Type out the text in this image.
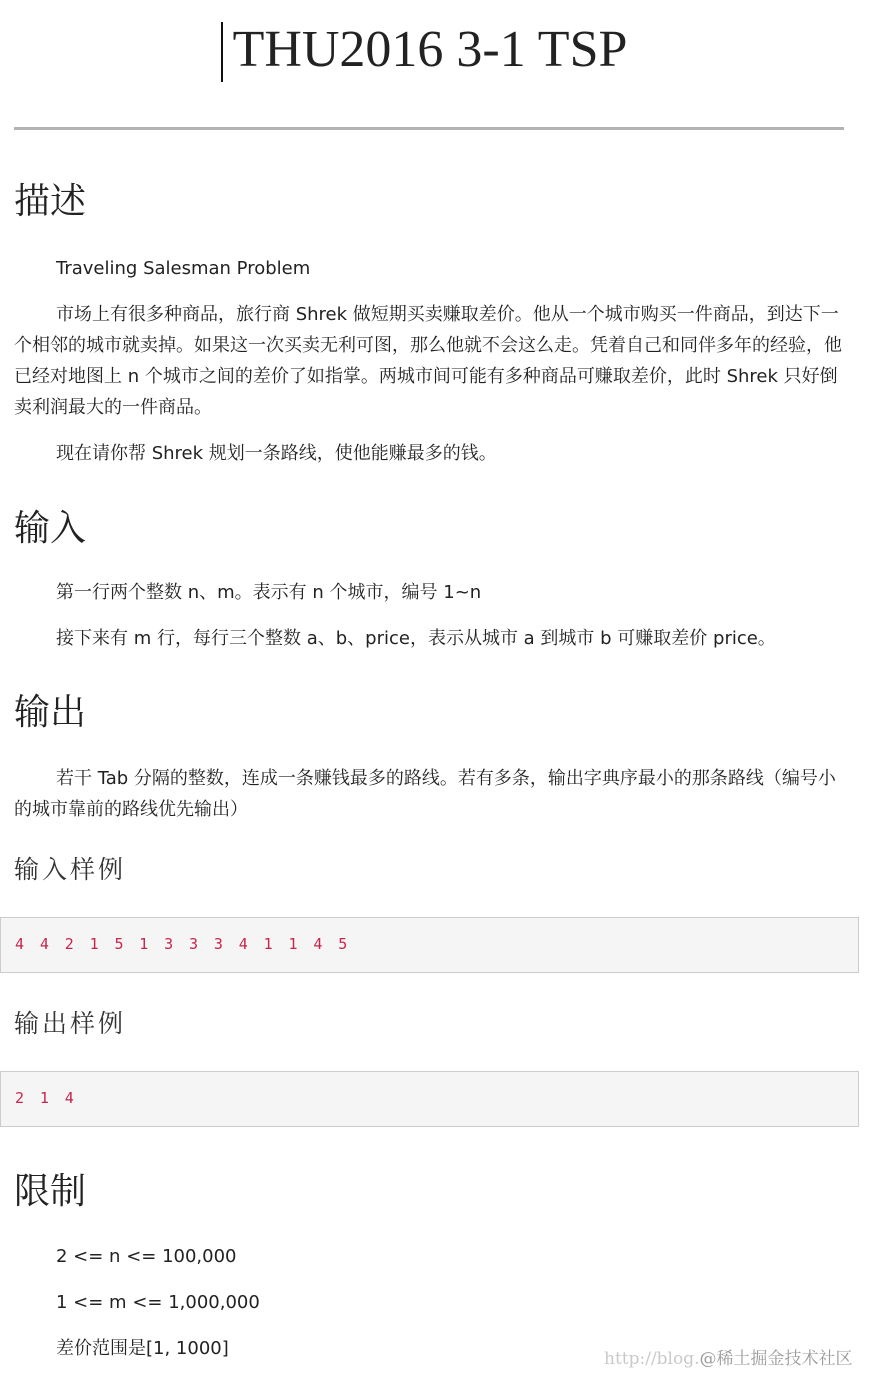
THU2016 3-1 TSP
描述

Traveling Salesman Problem

市场上有很多种商品，旅行商 Shrek 做短期买卖赚取差价。他从一个城市购买一件商品，到达下一个相邻的城市就卖掉。如果这一次买卖无利可图，那么他就不会这么走。凭着自己和同伴多年的经验，他已经对地图上 n 个城市之间的差价了如指掌。两城市间可能有多种商品可赚取差价，此时 Shrek 只好倒卖利润最大的一件商品。

现在请你帮 Shrek 规划一条路线，使他能赚最多的钱。

输入

第一行两个整数 n、m。表示有 n 个城市，编号 1~n

接下来有 m 行，每行三个整数 a、b、price，表示从城市 a 到城市 b 可赚取差价 price。

输出

若干 Tab 分隔的整数，连成一条赚钱最多的路线。若有多条，输出字典序最小的那条路线（编号小的城市靠前的路线优先输出）

输入样例
4 4 2 1 5 1 3 3 3 4 1 1 4 5
输出样例
2 1 4
限制

2 <= n <= 100,000

1 <= m <= 1,000,000

差价范围是[1, 1000]	http://blog.@稀土掘金技术社区
